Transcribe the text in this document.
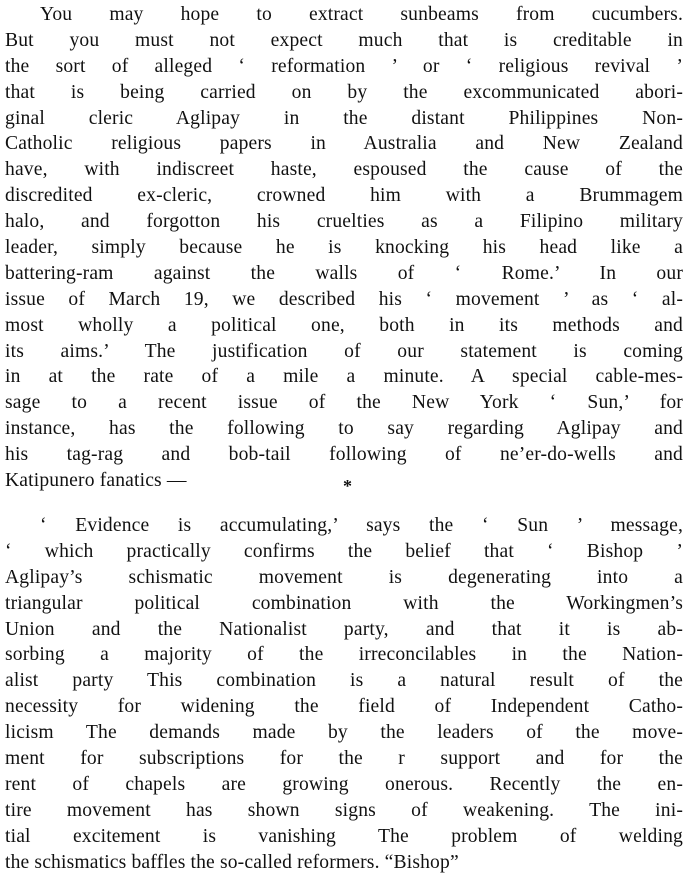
You may hope to extract sunbeams from cucumbers.
But you must not expect much that is creditable in
the sort of alleged ‘ reformation ’ or ‘ religious revival ’
that is being carried on by the excommunicated abori-
ginal cleric Aglipay in the distant Philippines Non-
Catholic religious papers in Australia and New Zealand
have, with indiscreet haste, espoused the cause of the
discredited ex-cleric, crowned him with a Brummagem
halo, and forgotton his cruelties as a Filipino military
leader, simply because he is knocking his head like a
battering-ram against the walls of ‘ Rome.’ In our
issue of March 19, we described his ‘ movement ’ as ‘ al-
most wholly a political one, both in its methods and
its aims.’ The justification of our statement is coming
in at the rate of a mile a minute. A special cable-mes-
sage to a recent issue of the New York ‘ Sun,’ for
instance, has the following to say regarding Aglipay and
his tag-rag and bob-tail following of ne’er-do-wells and
Katipunero fanatics —	*
‘ Evidence is accumulating,’ says the ‘ Sun ’ message,
‘ which practically confirms the belief that ‘ Bishop ’
Aglipay’s schismatic movement is degenerating into a
triangular political combination with the Workingmen’s
Union and the Nationalist party, and that it is ab-
sorbing a majority of the irreconcilables in the Nation-
alist party This combination is a natural result of the
necessity for widening the field of Independent Catho-
licism The demands made by the leaders of the move-
ment for subscriptions for the r support and for the
rent of chapels are growing onerous. Recently the en-
tire movement has shown signs of weakening. The ini-
tial excitement is vanishing The problem of welding
the schismatics baffles the so-called reformers. “Bishop”
